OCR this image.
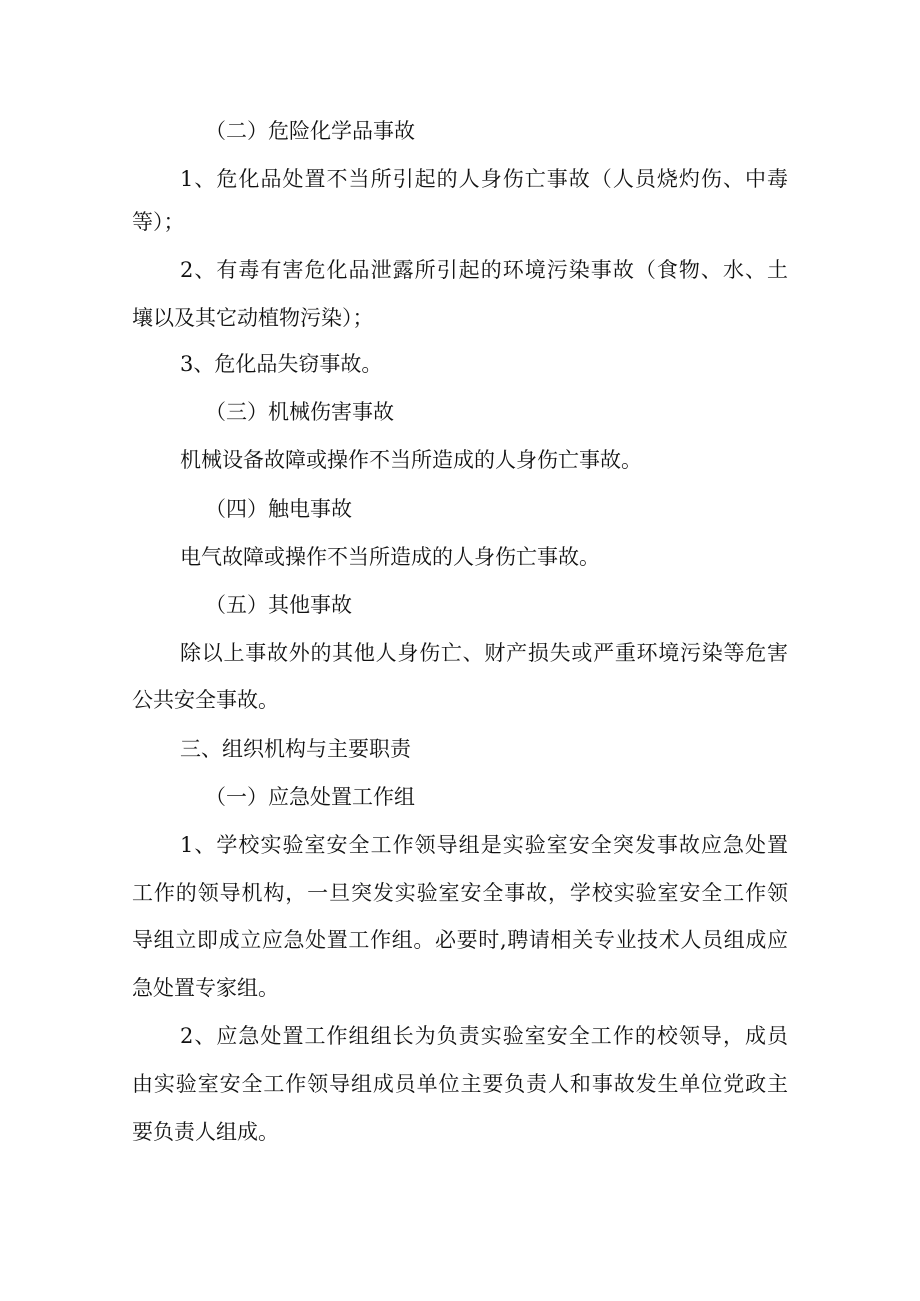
（二）危险化学品事故
1、危化品处置不当所引起的人身伤亡事故（人员烧灼伤、中毒
等）；
2、有毒有害危化品泄露所引起的环境污染事故（食物、水、土
壤以及其它动植物污染）；
3、危化品失窃事故。
（三）机械伤害事故
机械设备故障或操作不当所造成的人身伤亡事故。
（四）触电事故
电气故障或操作不当所造成的人身伤亡事故。
（五）其他事故
除以上事故外的其他人身伤亡、财产损失或严重环境污染等危害
公共安全事故。
三、组织机构与主要职责
（一）应急处置工作组
1、学校实验室安全工作领导组是实验室安全突发事故应急处置
工作的领导机构，一旦突发实验室安全事故，学校实验室安全工作领
导组立即成立应急处置工作组。必要时,聘请相关专业技术人员组成应
急处置专家组。
2、应急处置工作组组长为负责实验室安全工作的校领导，成员
由实验室安全工作领导组成员单位主要负责人和事故发生单位党政主
要负责人组成。
